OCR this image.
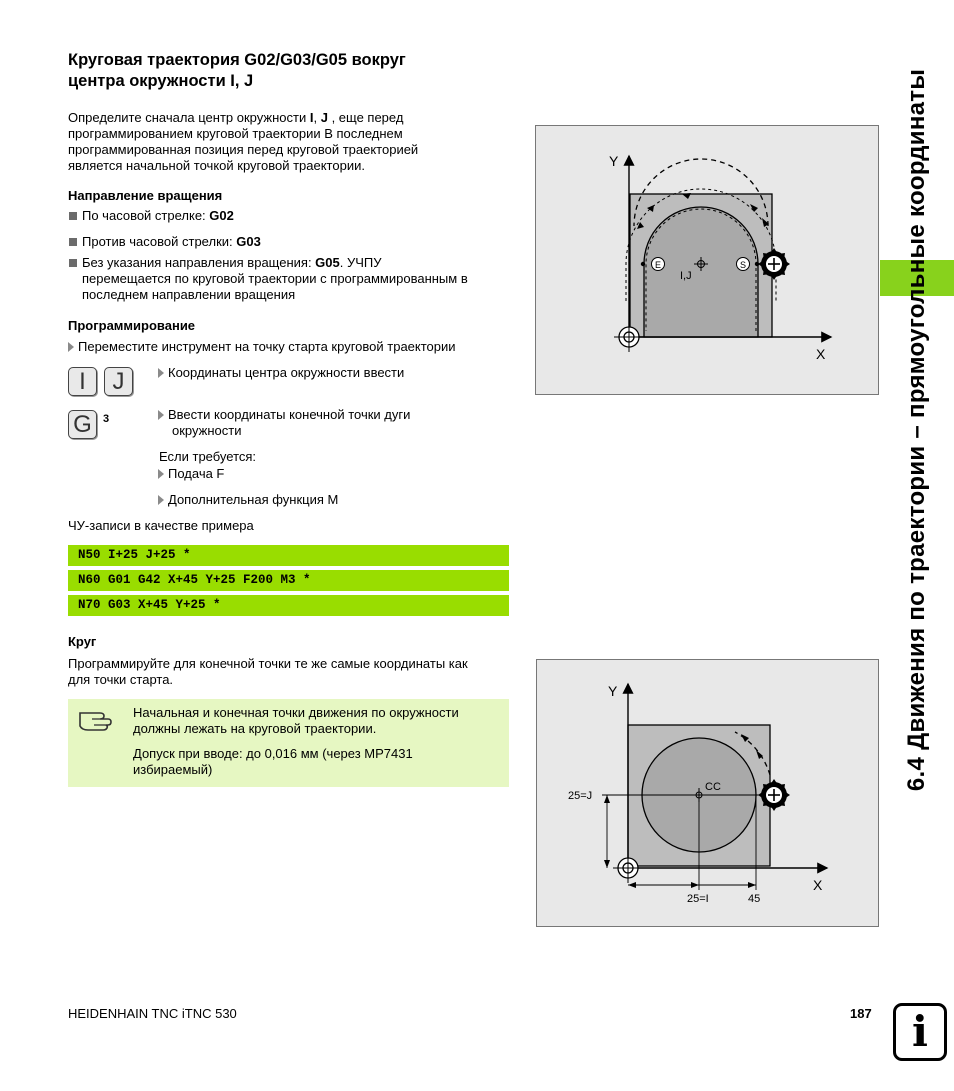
Круговая траектория G02/G03/G05 вокруг
центра окружности I, J
Определите сначала центр окружности I, J , еще перед
программированием круговой траектории В последнем
программированная позиция перед круговой траекторией
является начальной точкой круговой траектории.
Направление вращения
По часовой стрелке: G02
Против часовой стрелки: G03
Без указания направления вращения: G05. УЧПУ
перемещается по круговой траектории с программированным в
последнем направлении вращения
Программирование
Переместите инструмент на точку старта круговой траектории
I	J	Координаты центра окружности ввести
G	3	Ввести координаты конечной точки дуги
окружности
Если требуется:
Подача F
Дополнительная функция M
ЧУ-записи в качестве примера
N50 I+25 J+25 *
N60 G01 G42 X+45 Y+25 F200 M3 *
N70 G03 X+45 Y+25 *
Круг
Программируйте для конечной точки те же самые координаты как
для точки старта.
Начальная и конечная точки движения по окружности
должны лежать на круговой траектории.
Допуск при вводе: до 0,016 мм (через MP7431
избираемый)
Y
X
E	S
I,J
Y
X
CC
25=J
25=I	45
6.4 Движения по траектории – прямоугольные координаты
HEIDENHAIN TNC iTNC 530	187 i
